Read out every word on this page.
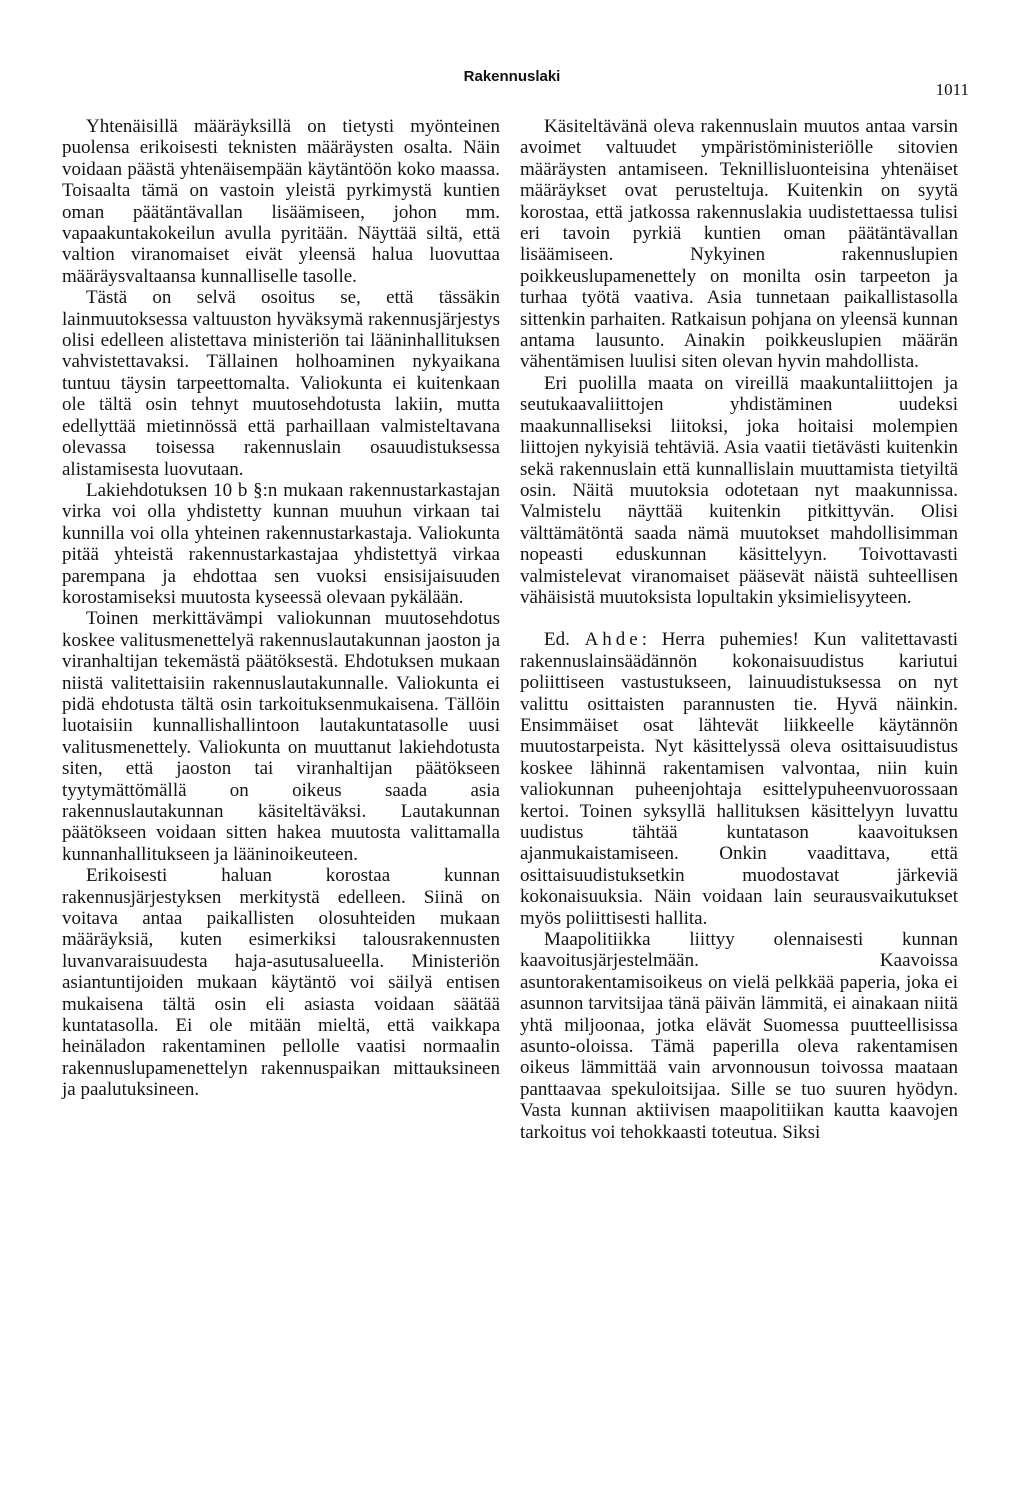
Rakennuslaki
1011

Yhtenäisillä määräyksillä on tietysti myönteinen puolensa erikoisesti teknisten määräysten osalta. Näin voidaan päästä yhtenäisempään käytäntöön koko maassa. Toisaalta tämä on vastoin yleistä pyrkimystä kuntien oman päätäntävallan lisäämiseen, johon mm. vapaakuntakokeilun avulla pyritään. Näyttää siltä, että valtion viranomaiset eivät yleensä halua luovuttaa määräysvaltaansa kunnalliselle tasolle.

Tästä on selvä osoitus se, että tässäkin lainmuutoksessa valtuuston hyväksymä rakennusjärjestys olisi edelleen alistettava ministeriön tai lääninhallituksen vahvistettavaksi. Tällainen holhoaminen nykyaikana tuntuu täysin tarpeettomalta. Valiokunta ei kuitenkaan ole tältä osin tehnyt muutosehdotusta lakiin, mutta edellyttää mietinnössä että parhaillaan valmisteltavana olevassa toisessa rakennuslain osauudistuksessa alistamisesta luovutaan.

Lakiehdotuksen 10 b §:n mukaan rakennustarkastajan virka voi olla yhdistetty kunnan muuhun virkaan tai kunnilla voi olla yhteinen rakennustarkastaja. Valiokunta pitää yhteistä rakennustarkastajaa yhdistettyä virkaa parempana ja ehdottaa sen vuoksi ensisijaisuuden korostamiseksi muutosta kyseessä olevaan pykälään.

Toinen merkittävämpi valiokunnan muutosehdotus koskee valitusmenettelyä rakennuslautakunnan jaoston ja viranhaltijan tekemästä päätöksestä. Ehdotuksen mukaan niistä valitettaisiin rakennuslautakunnalle. Valiokunta ei pidä ehdotusta tältä osin tarkoituksenmukaisena. Tällöin luotaisiin kunnallishallintoon lautakuntatasolle uusi valitusmenettely. Valiokunta on muuttanut lakiehdotusta siten, että jaoston tai viranhaltijan päätökseen tyytymättömällä on oikeus saada asia rakennuslautakunnan käsiteltäväksi. Lautakunnan päätökseen voidaan sitten hakea muutosta valittamalla kunnanhallitukseen ja lääninoikeuteen.

Erikoisesti haluan korostaa kunnan rakennusjärjestyksen merkitystä edelleen. Siinä on voitava antaa paikallisten olosuhteiden mukaan määräyksiä, kuten esimerkiksi talousrakennusten luvanvaraisuudesta haja-asutusalueella. Ministeriön asiantuntijoiden mukaan käytäntö voi säilyä entisen mukaisena tältä osin eli asiasta voidaan säätää kuntatasolla. Ei ole mitään mieltä, että vaikkapa heinäladon rakentaminen pellolle vaatisi normaalin rakennuslupamenettelyn rakennuspaikan mittauksineen ja paalutuksineen.

Käsiteltävänä oleva rakennuslain muutos antaa varsin avoimet valtuudet ympäristöministeriölle sitovien määräysten antamiseen. Teknillisluonteisina yhtenäiset määräykset ovat perusteltuja. Kuitenkin on syytä korostaa, että jatkossa rakennuslakia uudistettaessa tulisi eri tavoin pyrkiä kuntien oman päätäntävallan lisäämiseen. Nykyinen rakennuslupien poikkeuslupamenettely on monilta osin tarpeeton ja turhaa työtä vaativa. Asia tunnetaan paikallistasolla sittenkin parhaiten. Ratkaisun pohjana on yleensä kunnan antama lausunto. Ainakin poikkeuslupien määrän vähentämisen luulisi siten olevan hyvin mahdollista.

Eri puolilla maata on vireillä maakuntaliittojen ja seutukaavaliittojen yhdistäminen uudeksi maakunnalliseksi liitoksi, joka hoitaisi molempien liittojen nykyisiä tehtäviä. Asia vaatii tietävästi kuitenkin sekä rakennuslain että kunnallislain muuttamista tietyiltä osin. Näitä muutoksia odotetaan nyt maakunnissa. Valmistelu näyttää kuitenkin pitkittyvän. Olisi välttämätöntä saada nämä muutokset mahdollisimman nopeasti eduskunnan käsittelyyn. Toivottavasti valmistelevat viranomaiset pääsevät näistä suhteellisen vähäisistä muutoksista lopultakin yksimielisyyteen.

Ed. Ahde: Herra puhemies! Kun valitettavasti rakennuslainsäädännön kokonaisuudistus kariutui poliittiseen vastustukseen, lainuudistuksessa on nyt valittu osittaisten parannusten tie. Hyvä näinkin. Ensimmäiset osat lähtevät liikkeelle käytännön muutostarpeista. Nyt käsittelyssä oleva osittaisuudistus koskee lähinnä rakentamisen valvontaa, niin kuin valiokunnan puheenjohtaja esittelypuheenvuorossaan kertoi. Toinen syksyllä hallituksen käsittelyyn luvattu uudistus tähtää kuntatason kaavoituksen ajanmukaistamiseen. Onkin vaadittava, että osittaisuudistuksetkin muodostavat järkeviä kokonaisuuksia. Näin voidaan lain seurausvaikutukset myös poliittisesti hallita.

Maapolitiikka liittyy olennaisesti kunnan kaavoitusjärjestelmään. Kaavoissa asuntorakentamisoikeus on vielä pelkkää paperia, joka ei asunnon tarvitsijaa tänä päivän lämmitä, ei ainakaan niitä yhtä miljoonaa, jotka elävät Suomessa puutteellisissa asunto-oloissa. Tämä paperilla oleva rakentamisen oikeus lämmittää vain arvonnousun toivossa maataan panttaavaa spekuloitsijaa. Sille se tuo suuren hyödyn. Vasta kunnan aktiivisen maapolitiikan kautta kaavojen tarkoitus voi tehokkaasti toteutua. Siksi
